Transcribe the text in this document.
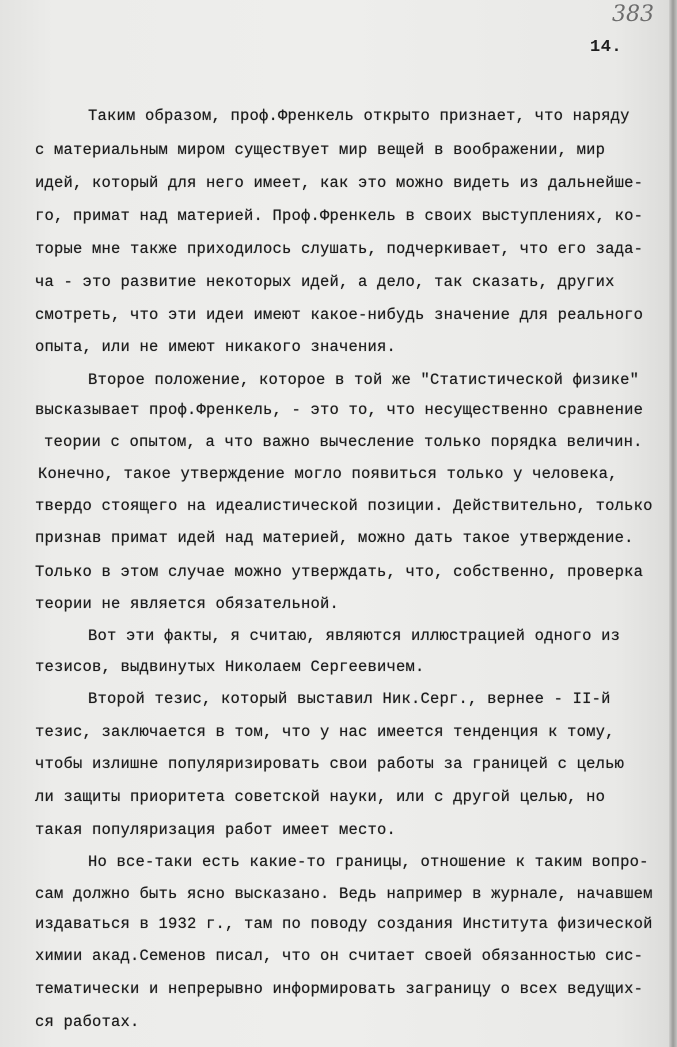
383
14.
Таким образом, проф.Френкель открыто признает, что наряду
с материальным миром существует мир вещей в воображении, мир
идей, который для него имеет, как это можно видеть из дальнейше-
го, примат над материей. Проф.Френкель в своих выступлениях, ко-
торые мне также приходилось слушать, подчеркивает, что его зада-
ча - это развитие некоторых идей, а дело, так сказать, других
смотреть, что эти идеи имеют какое-нибудь значение для реального
опыта, или не имеют никакого значения.
Второе положение, которое в той же "Статистической физике"
высказывает проф.Френкель, - это то, что несущественно сравнение
теории с опытом, а что важно вычесление только порядка величин.
Конечно, такое утверждение могло появиться только у человека,
твердо стоящего на идеалистической позиции. Действительно, только
признав примат идей над материей, можно дать такое утверждение.
Только в этом случае можно утверждать, что, собственно, проверка
теории не является обязательной.
Вот эти факты, я считаю, являются иллюстрацией одного из
тезисов, выдвинутых Николаем Сергеевичем.
Второй тезис, который выставил Ник.Серг., вернее - II-й
тезис, заключается в том, что у нас имеется тенденция к тому,
чтобы излишне популяризировать свои работы за границей с целью
ли защиты приоритета советской науки, или с другой целью, но
такая популяризация работ имеет место.
Но все-таки есть какие-то границы, отношение к таким вопро-
сам должно быть ясно высказано. Ведь например в журнале, начавшем
издаваться в 1932 г., там по поводу создания Института физической
химии акад.Семенов писал, что он считает своей обязанностью сис-
тематически и непрерывно информировать заграницу о всех ведущих-
ся работах.
